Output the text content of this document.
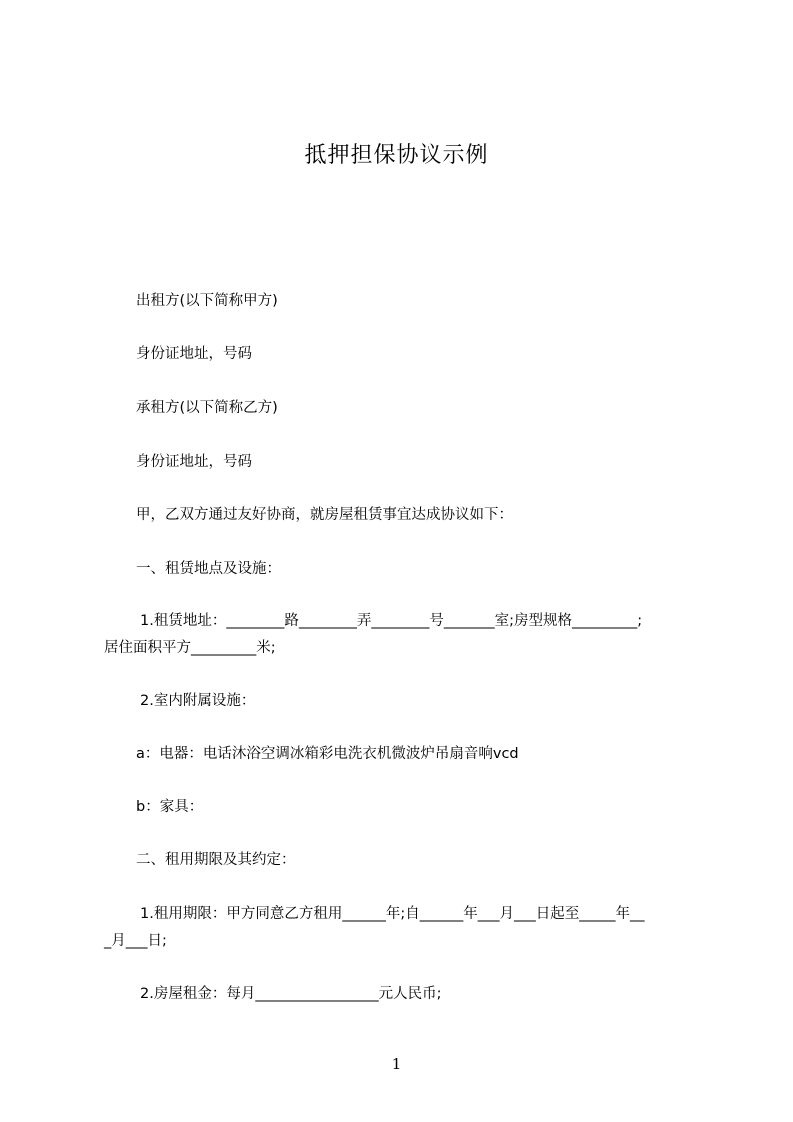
抵押担保协议示例
出租方(以下简称甲方)
身份证地址，号码
承租方(以下简称乙方)
身份证地址，号码
甲，乙双方通过友好协商，就房屋租赁事宜达成协议如下：
一、租赁地点及设施：
1.租赁地址：________路________弄________号_______室;房型规格_________;
居住面积平方_________米;
2.室内附属设施：
a：电器：电话沐浴空调冰箱彩电洗衣机微波炉吊扇音响vcd
b：家具：
二、租用期限及其约定：
1.租用期限：甲方同意乙方租用______年;自______年___月___日起至_____年__
_月___日;
2.房屋租金：每月_________________元人民币;
1
